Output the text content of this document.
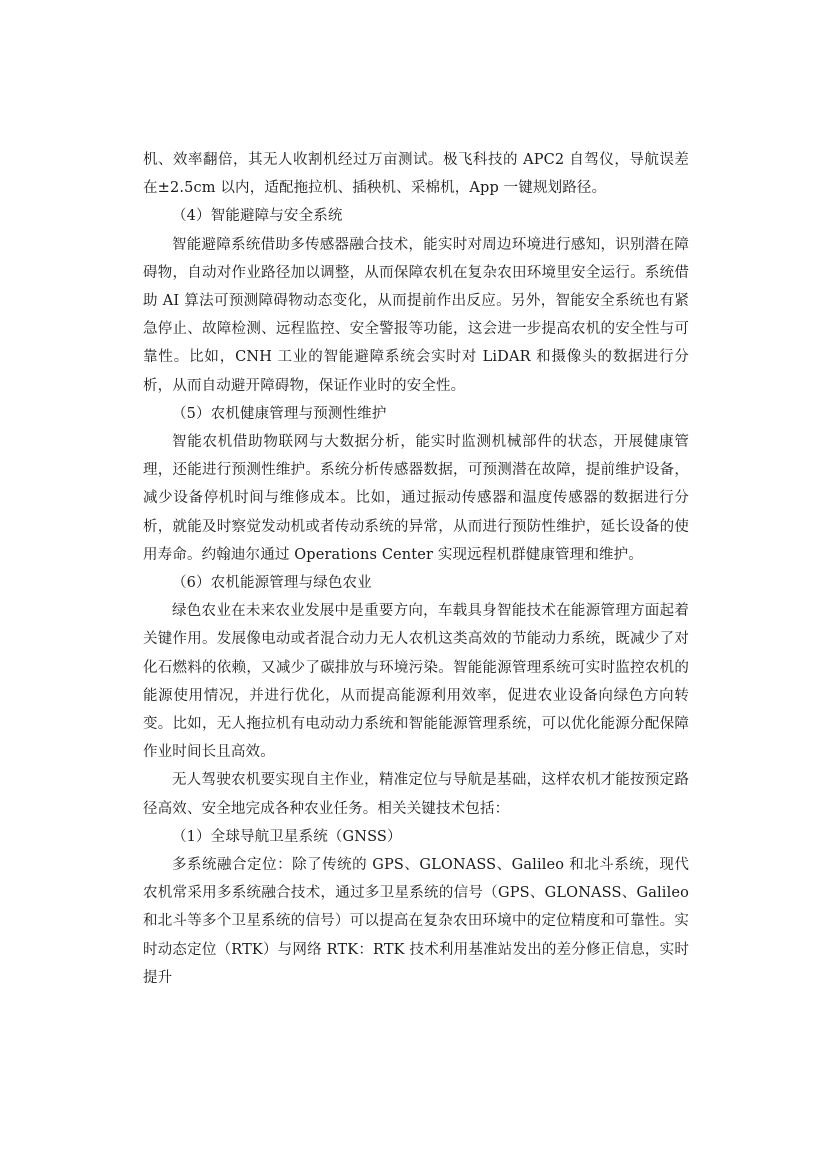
机、效率翻倍，其无人收割机经过万亩测试。极飞科技的 APC2 自驾仪，导航误差在±2.5cm 以内，适配拖拉机、插秧机、采棉机，App 一键规划路径。

（4）智能避障与安全系统

智能避障系统借助多传感器融合技术，能实时对周边环境进行感知，识别潜在障碍物，自动对作业路径加以调整，从而保障农机在复杂农田环境里安全运行。系统借助 AI 算法可预测障碍物动态变化，从而提前作出反应。另外，智能安全系统也有紧急停止、故障检测、远程监控、安全警报等功能，这会进一步提高农机的安全性与可靠性。比如，CNH 工业的智能避障系统会实时对 LiDAR 和摄像头的数据进行分析，从而自动避开障碍物，保证作业时的安全性。

（5）农机健康管理与预测性维护

智能农机借助物联网与大数据分析，能实时监测机械部件的状态，开展健康管理，还能进行预测性维护。系统分析传感器数据，可预测潜在故障，提前维护设备，减少设备停机时间与维修成本。比如，通过振动传感器和温度传感器的数据进行分析，就能及时察觉发动机或者传动系统的异常，从而进行预防性维护，延长设备的使用寿命。约翰迪尔通过 Operations Center 实现远程机群健康管理和维护。

（6）农机能源管理与绿色农业

绿色农业在未来农业发展中是重要方向，车载具身智能技术在能源管理方面起着关键作用。发展像电动或者混合动力无人农机这类高效的节能动力系统，既减少了对化石燃料的依赖，又减少了碳排放与环境污染。智能能源管理系统可实时监控农机的能源使用情况，并进行优化，从而提高能源利用效率，促进农业设备向绿色方向转变。比如，无人拖拉机有电动动力系统和智能能源管理系统，可以优化能源分配保障作业时间长且高效。

无人驾驶农机要实现自主作业，精准定位与导航是基础，这样农机才能按预定路径高效、安全地完成各种农业任务。相关关键技术包括：

（1）全球导航卫星系统（GNSS）

多系统融合定位：除了传统的 GPS、GLONASS、Galileo 和北斗系统，现代农机常采用多系统融合技术，通过多卫星系统的信号（GPS、GLONASS、Galileo 和北斗等多个卫星系统的信号）可以提高在复杂农田环境中的定位精度和可靠性。实时动态定位（RTK）与网络 RTK：RTK 技术利用基准站发出的差分修正信息，实时提升
